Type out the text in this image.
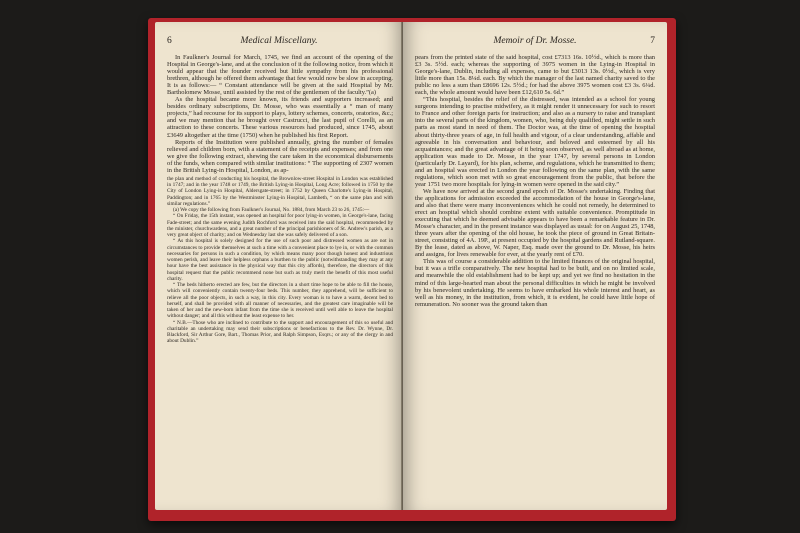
6	Medical Miscellany.

In Faulkner's Journal for March, 1745, we find an account of the opening of the Hospital in George's-lane, and at the conclusion of it the following notice, from which it would appear that the founder received but little sympathy from his professional brethren, although he offered them advantage that few would now be slow in accepting. It is as follows:— “ Constant attendance will be given at the said Hospital by Mr. Bartholomew Mosse, until assisted by the rest of the gentlemen of the faculty.”(a)

As the hospital became more known, its friends and supporters increased; and besides ordinary subscriptions, Dr. Mosse, who was essentially a “ man of many projects,” had recourse for its support to plays, lottery schemes, concerts, oratorios, &c.; and we may mention that he brought over Castrucci, the last pupil of Corelli, as an attraction to these concerts. These various resources had produced, since 1745, about £3649 altogether at the time (1750) when he published his first Report.

Reports of the Institution were published annually, giving the number of females relieved and children born, with a statement of the receipts and expenses; and from one we give the following extract, shewing the care taken in the economical disbursements of the funds, when compared with similar institutions: “ The supporting of 2307 women in the British Lying-in Hospital, London, as ap-

the plan and method of conducting his hospital, the Brownlow-street Hospital in London was established in 1747; and in the year 1748 or 1749, the British Lying-in Hospital, Long Acre; followed in 1750 by the City of London Lying-in Hospital, Aldersgate-street; in 1752 by Queen Charlotte's Lying-in Hospital, Paddington; and in 1765 by the Westminster Lying-in Hospital, Lambeth, “ on the same plan and with similar regulations.”

(a) We copy the following from Faulkner's Journal, No. 1884, from March 23 to 26, 1745:—

“ On Friday, the 15th instant, was opened an hospital for poor lying-in women, in George's-lane, facing Fade-street; and the same evening Judith Rochford was received into the said hospital, recommended by the minister, churchwardens, and a great number of the principal parishioners of St. Andrew's parish, as a very great object of charity; and on Wednesday last she was safely delivered of a son.

“ As this hospital is solely designed for the use of such poor and distressed women as are not in circumstances to provide themselves at such a time with a convenient place to lye in, or with the common necessaries for persons in such a condition, by which means many poor though honest and industrious women perish, and leave their helpless orphans a burthen to the public (notwithstanding they may at any hour have the best assistance in the physical way that this city affords), therefore, the directors of this hospital request that the public recommend none but such as truly merit the benefit of this most useful charity.

“ The beds hitherto erected are few, but the directors in a short time hope to be able to fill the house, which will conveniently contain twenty-four beds. This number, they apprehend, will be sufficient to relieve all the poor objects, in such a way, in this city. Every woman is to have a warm, decent bed to herself, and shall be provided with all manner of necessaries, and the greatest care imaginable will be taken of her and the new-born infant from the time she is received until well able to leave the hospital without danger; and all this without the least expense to her.

“ N.B.—Those who are inclined to contribute to the support and encouragement of this so useful and charitable an undertaking may send their subscriptions or benefactions to the Rev. Dr. Wynne, Dr. Blackford, Sir Arthur Gore, Bart., Thomas Prior, and Ralph Simpson, Esqrs.; or any of the clergy in and about Dublin.”

Memoir of Dr. Mosse.	7

pears from the printed state of the said hospital, cost £7313 16s. 10½d., which is more than £3 3s. 5½d. each; whereas the supporting of 3975 women in the Lying-in Hospital in George's-lane, Dublin, including all expenses, came to but £3013 13s. 0½d., which is very little more than 15s. 8¼d. each. By which the manager of the last named charity saved to the public no less a sum than £8696 12s. 5½d.; for had the above 3975 women cost £3 3s. 6¼d. each, the whole amount would have been £12,610 5s. 6d.”

“This hospital, besides the relief of the distressed, was intended as a school for young surgeons intending to practise midwifery, as it might render it unnecessary for such to resort to France and other foreign parts for instruction; and also as a nursery to raise and transplant into the several parts of the kingdom, women, who, being duly qualified, might settle in such parts as most stand in need of them. The Doctor was, at the time of opening the hospital about thirty-three years of age, in full health and vigour, of a clear understanding, affable and agreeable in his conversation and behaviour, and beloved and esteemed by all his acquaintances; and the great advantage of it being soon observed, as well abroad as at home, application was made to Dr. Mosse, in the year 1747, by several persons in London (particularly Dr. Layard), for his plan, scheme, and regulations, which he transmitted to them; and an hospital was erected in London the year following on the same plan, with the same regulations, which soon met with so great encouragement from the public, that before the year 1751 two more hospitals for lying-in women were opened in the said city.”

We have now arrived at the second grand epoch of Dr. Mosse's undertaking. Finding that the applications for admission exceeded the accommodation of the house in George's-lane, and also that there were many inconveniences which he could not remedy, he determined to erect an hospital which should combine extent with suitable convenience. Promptitude in executing that which he deemed advisable appears to have been a remarkable feature in Dr. Mosse's character, and in the present instance was displayed as usual: for on August 25, 1748, three years after the opening of the old house, he took the piece of ground in Great Britain-street, consisting of 4A. 19P., at present occupied by the hospital gardens and Rutland-square. By the lease, dated as above, W. Naper, Esq. made over the ground to Dr. Mosse, his heirs and assigns, for lives renewable for ever, at the yearly rent of £70.

This was of course a considerable addition to the limited finances of the original hospital, but it was a trifle comparatively. The new hospital had to be built, and on no limited scale, and meanwhile the old establishment had to be kept up; and yet we find no hesitation in the mind of this large-hearted man about the personal difficulties in which he might be involved by his benevolent undertaking. He seems to have embarked his whole interest and heart, as well as his money, in the institution, from which, it is evident, he could have little hope of remuneration. No sooner was the ground taken than
